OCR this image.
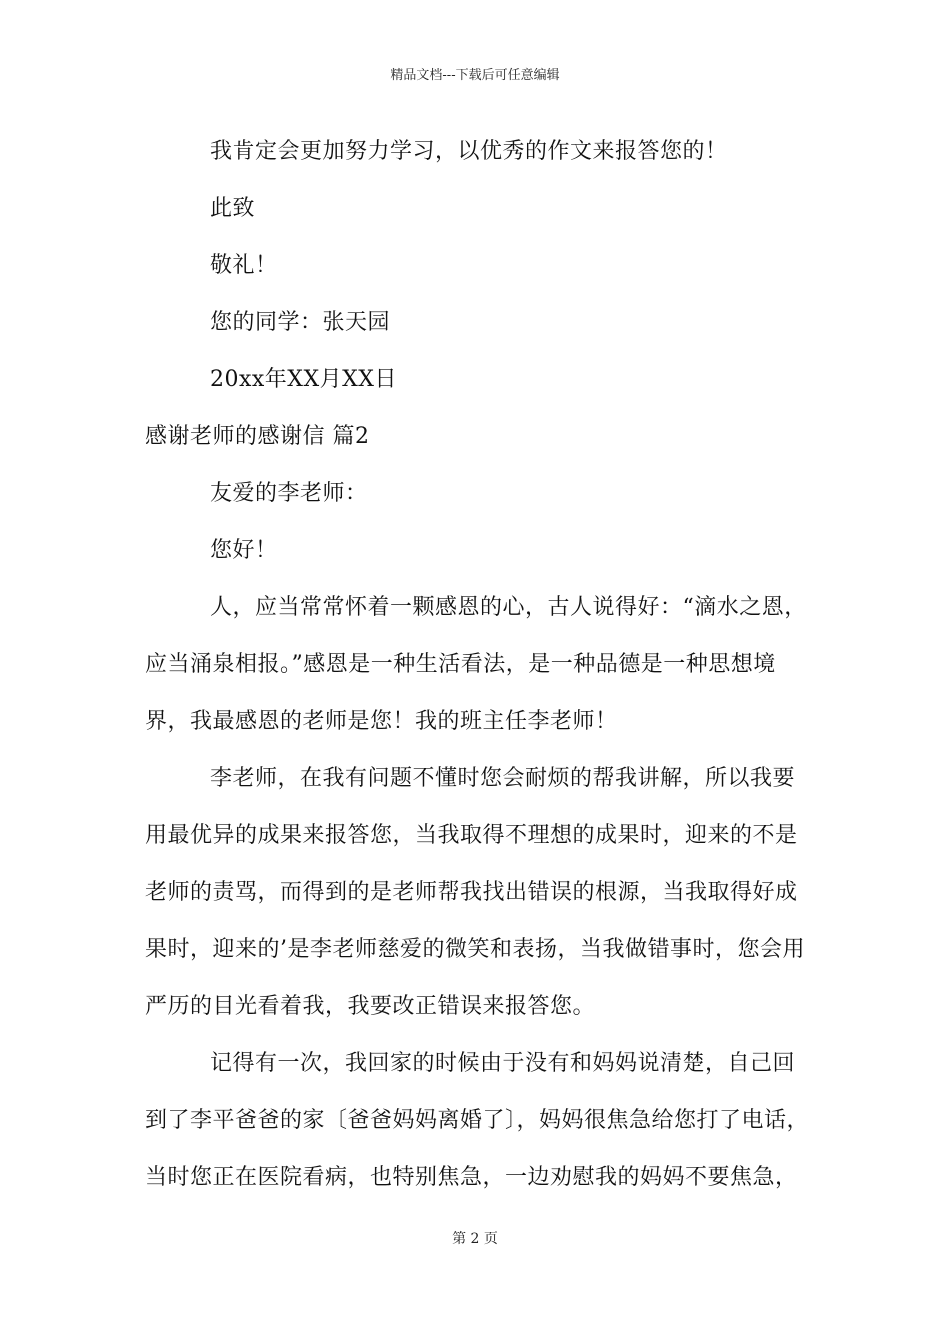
精品文档---下载后可任意编辑
我肯定会更加努力学习，以优秀的作文来报答您的！
此致
敬礼！
您的同学：张天园
20xx年XX月XX日
感谢老师的感谢信 篇2
友爱的李老师：
您好！
人，应当常常怀着一颗感恩的心，古人说得好：“滴水之恩，
应当涌泉相报。”感恩是一种生活看法，是一种品德是一种思想境
界，我最感恩的老师是您！我的班主任李老师！
李老师，在我有问题不懂时您会耐烦的帮我讲解，所以我要
用最优异的成果来报答您，当我取得不理想的成果时，迎来的不是
老师的责骂，而得到的是老师帮我找出错误的根源，当我取得好成
果时，迎来的’是李老师慈爱的微笑和表扬，当我做错事时，您会用
严历的目光看着我，我要改正错误来报答您。
记得有一次，我回家的时候由于没有和妈妈说清楚，自己回
到了李平爸爸的家〔爸爸妈妈离婚了〕，妈妈很焦急给您打了电话，
当时您正在医院看病，也特别焦急，一边劝慰我的妈妈不要焦急，
第 2 页
